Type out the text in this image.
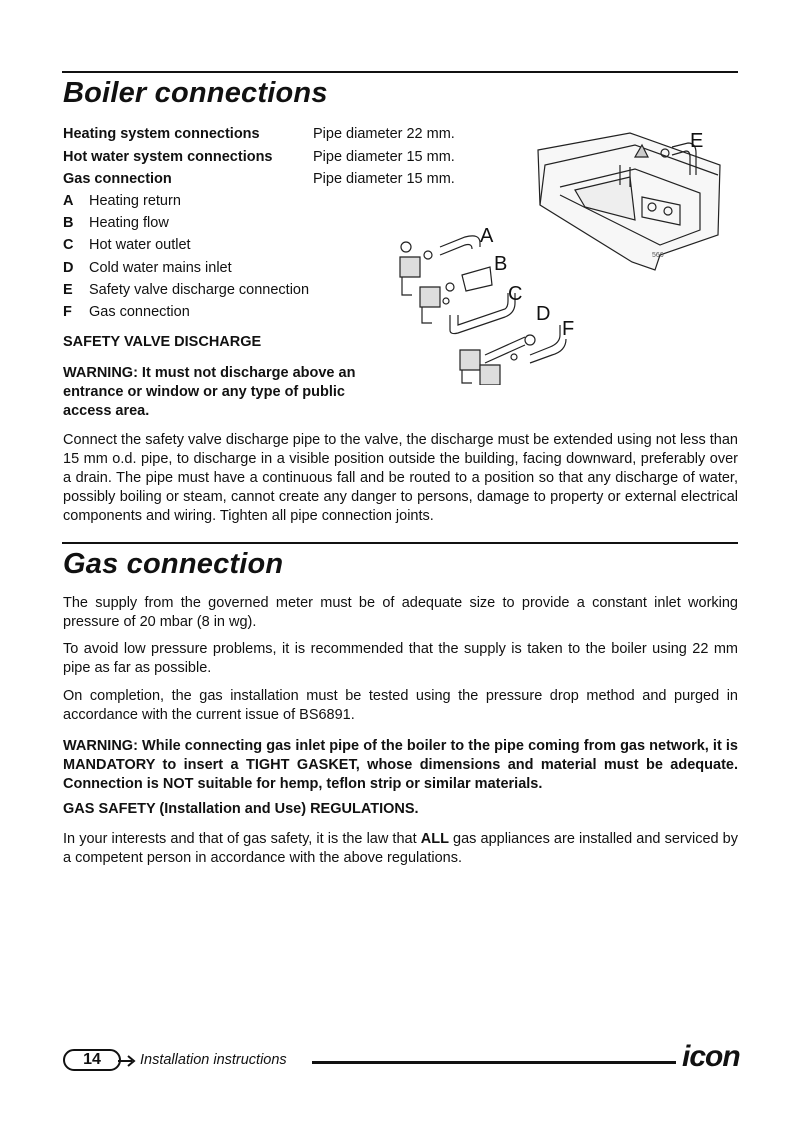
Boiler connections
Heating system connections	Pipe diameter 22 mm.
Hot water system connections	Pipe diameter 15 mm.
Gas connection	Pipe diameter 15 mm.
A	Heating return
B	Heating flow
C	Hot water outlet
D	Cold water mains inlet
E	Safety valve discharge connection
F	Gas connection

SAFETY VALVE DISCHARGE

WARNING: It must not discharge above an entrance or window or any type of public access area.

566
A
B
C
D
E
F

Connect the safety valve discharge pipe to the valve, the discharge must be extended using not less than 15 mm o.d. pipe, to discharge in a visible position outside the building, facing downward, preferably over a drain. The pipe must have a continuous fall and be routed to a position so that any discharge of water, possibly boiling or steam, cannot create any danger to persons, damage to property or external electrical components and wiring. Tighten all pipe connection joints.

Gas connection

The supply from the governed meter must be of adequate size to provide a constant inlet working pressure of 20 mbar (8 in wg).

To avoid low pressure problems, it is recommended that the supply is taken to the boiler using 22 mm pipe as far as possible.

On completion, the gas installation must be tested using the pressure drop method and purged in accordance with the current issue of BS6891.

WARNING: While connecting gas inlet pipe of the boiler to the pipe coming from gas network, it is MANDATORY to insert a TIGHT GASKET, whose dimensions and material must be adequate. Connection is NOT suitable for hemp, teflon strip or similar materials.

GAS SAFETY (Installation and Use) REGULATIONS.

In your interests and that of gas safety, it is the law that ALL gas appliances are installed and serviced by a competent person in accordance with the above regulations.

14	Installation instructions	icon
